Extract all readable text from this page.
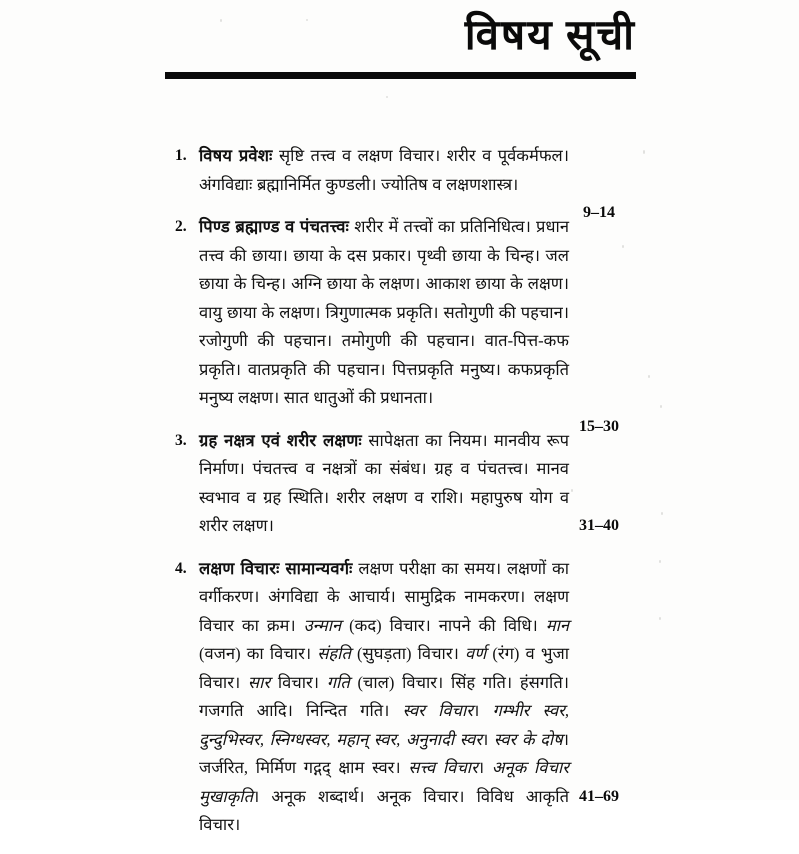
विषय सूची
1. विषय प्रवेशः सृष्टि तत्त्व व लक्षण विचार। शरीर व पूर्वकर्मफल। अंगविद्याः ब्रह्मानिर्मित कुण्डली। ज्योतिष व लक्षणशास्त्र।

9–14
2. पिण्ड ब्रह्माण्ड व पंचतत्त्वः शरीर में तत्त्वों का प्रतिनिधित्व। प्रधान तत्त्व की छाया। छाया के दस प्रकार। पृथ्वी छाया के चिन्ह। जल छाया के चिन्ह। अग्नि छाया के लक्षण। आकाश छाया के लक्षण। वायु छाया के लक्षण। त्रिगुणात्मक प्रकृति। सतोगुणी की पहचान। रजोगुणी की पहचान। तमोगुणी की पहचान। वात-पित्त-कफ प्रकृति। वातप्रकृति की पहचान। पित्तप्रकृति मनुष्य। कफप्रकृति मनुष्य लक्षण। सात धातुओं की प्रधानता।

15–30
3. ग्रह नक्षत्र एवं शरीर लक्षणः सापेक्षता का नियम। मानवीय रूप निर्माण। पंचतत्त्व व नक्षत्रों का संबंध। ग्रह व पंचतत्त्व। मानव स्वभाव व ग्रह स्थिति। शरीर लक्षण व राशि। महापुरुष योग व शरीर लक्षण।	31–40
4. लक्षण विचारः सामान्यवर्गः लक्षण परीक्षा का समय। लक्षणों का वर्गीकरण। अंगविद्या के आचार्य। सामुद्रिक नामकरण। लक्षण विचार का क्रम। उन्मान (कद) विचार। नापने की विधि। मान (वजन) का विचार। संहति (सुघड़ता) विचार। वर्ण (रंग) व भुजा विचार। सार विचार। गति (चाल) विचार। सिंह गति। हंसगति। गजगति आदि। निन्दित गति। स्वर विचार। गम्भीर स्वर, दुन्दुभिस्वर, स्निग्धस्वर, महान् स्वर, अनुनादी स्वर। स्वर के दोष। जर्जरित, मिर्मिण गद्गद् क्षाम स्वर। सत्त्व विचार। अनूक विचार मुखाकृति। अनूक शब्दार्थ। अनूक विचार। विविध आकृति विचार।

41–69
